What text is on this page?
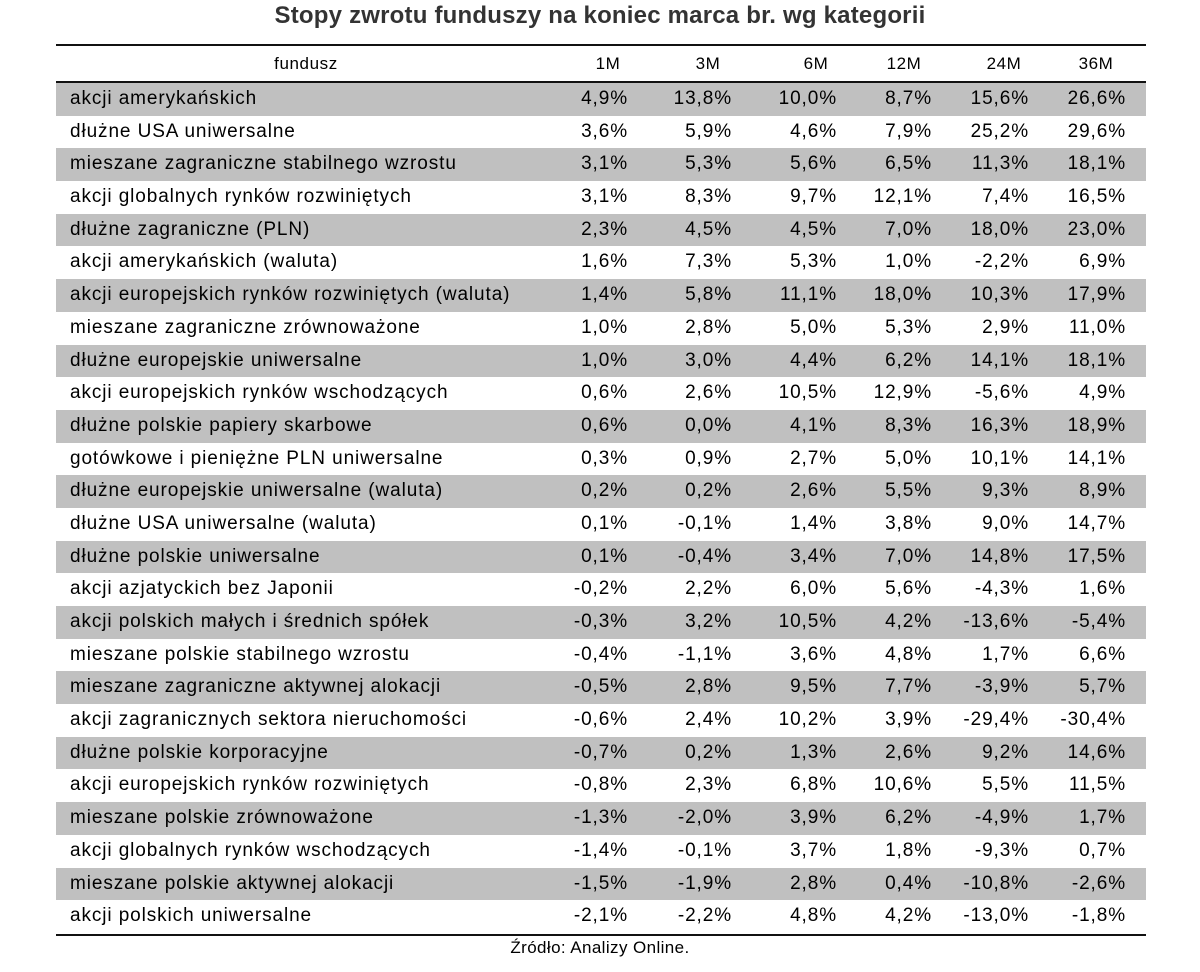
Stopy zwrotu funduszy na koniec marca br. wg kategorii
fundusz	1M	3M	6M	12M	24M	36M
akcji amerykańskich	4,9% 13,8% 10,0%	8,7% 15,6% 26,6%
dłużne USA uniwersalne	3,6%	5,9%	4,6%	7,9% 25,2% 29,6%
mieszane zagraniczne stabilnego wzrostu	3,1%	5,3%	5,6%	6,5% 11,3% 18,1%
akcji globalnych rynków rozwiniętych	3,1%	8,3%	9,7% 12,1%	7,4% 16,5%
dłużne zagraniczne (PLN)	2,3%	4,5%	4,5%	7,0% 18,0% 23,0%
akcji amerykańskich (waluta)	1,6%	7,3%	5,3%	1,0% -2,2%	6,9%
akcji europejskich rynków rozwiniętych (waluta)	1,4%	5,8%	11,1% 18,0% 10,3% 17,9%
mieszane zagraniczne zrównoważone	1,0%	2,8%	5,0%	5,3%	2,9% 11,0%
dłużne europejskie uniwersalne	1,0%	3,0%	4,4%	6,2% 14,1% 18,1%
akcji europejskich rynków wschodzących	0,6%	2,6% 10,5% 12,9% -5,6%	4,9%
dłużne polskie papiery skarbowe	0,6%	0,0%	4,1%	8,3% 16,3% 18,9%
gotówkowe i pieniężne PLN uniwersalne	0,3%	0,9%	2,7%	5,0% 10,1% 14,1%
dłużne europejskie uniwersalne (waluta)	0,2%	0,2%	2,6%	5,5%	9,3%	8,9%
dłużne USA uniwersalne (waluta)	0,1%	-0,1%	1,4%	3,8%	9,0% 14,7%
dłużne polskie uniwersalne	0,1%	-0,4%	3,4%	7,0% 14,8% 17,5%
akcji azjatyckich bez Japonii	-0,2%	2,2%	6,0%	5,6% -4,3%	1,6%
akcji polskich małych i średnich spółek	-0,3%	3,2% 10,5%	4,2% -13,6% -5,4%
mieszane polskie stabilnego wzrostu	-0,4%	-1,1%	3,6%	4,8%	1,7%	6,6%
mieszane zagraniczne aktywnej alokacji	-0,5%	2,8%	9,5%	7,7% -3,9%	5,7%
akcji zagranicznych sektora nieruchomości	-0,6%	2,4% 10,2%	3,9% -29,4% -30,4%
dłużne polskie korporacyjne	-0,7%	0,2%	1,3%	2,6%	9,2% 14,6%
akcji europejskich rynków rozwiniętych	-0,8%	2,3%	6,8% 10,6%	5,5% 11,5%
mieszane polskie zrównoważone	-1,3%	-2,0%	3,9%	6,2% -4,9%	1,7%
akcji globalnych rynków wschodzących	-1,4%	-0,1%	3,7%	1,8% -9,3%	0,7%
mieszane polskie aktywnej alokacji	-1,5%	-1,9%	2,8%	0,4% -10,8% -2,6%
akcji polskich uniwersalne	-2,1%	-2,2%	4,8%	4,2% -13,0% -1,8%
Źródło: Analizy Online.
